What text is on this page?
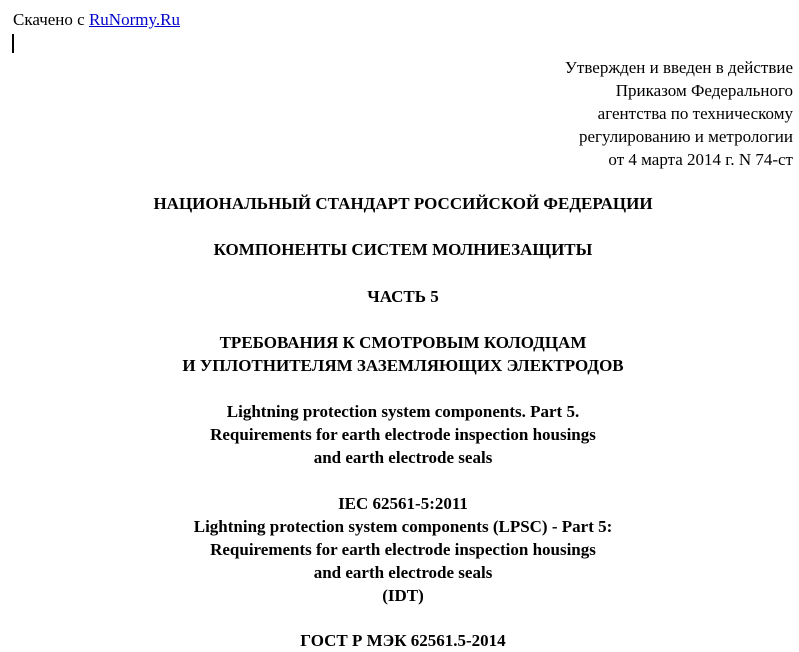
Скачено с RuNormy.Ru
Утвержден и введен в действие
Приказом Федерального
агентства по техническому
регулированию и метрологии
от 4 марта 2014 г. N 74-ст
НАЦИОНАЛЬНЫЙ СТАНДАРТ РОССИЙСКОЙ ФЕДЕРАЦИИ
КОМПОНЕНТЫ СИСТЕМ МОЛНИЕЗАЩИТЫ
ЧАСТЬ 5
ТРЕБОВАНИЯ К СМОТРОВЫМ КОЛОДЦАМ
И УПЛОТНИТЕЛЯМ ЗАЗЕМЛЯЮЩИХ ЭЛЕКТРОДОВ
Lightning protection system components. Part 5.
Requirements for earth electrode inspection housings
and earth electrode seals
IEC 62561-5:2011
Lightning protection system components (LPSC) - Part 5:
Requirements for earth electrode inspection housings
and earth electrode seals
(IDT)
ГОСТ Р МЭК 62561.5-2014
